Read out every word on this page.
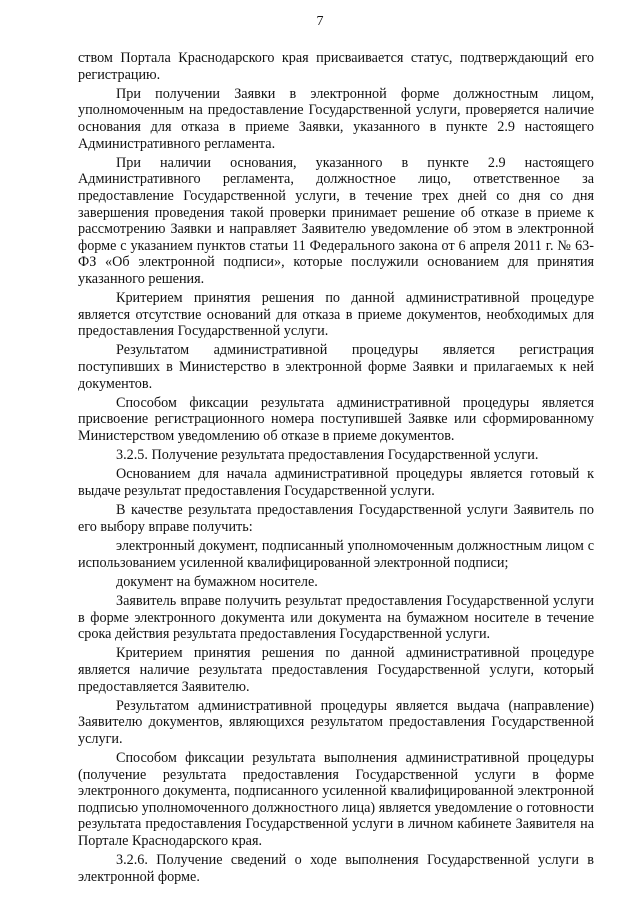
7

ством Портала Краснодарского края присваивается статус, подтверждающий его регистрацию.

При получении Заявки в электронной форме должностным лицом, уполномоченным на предоставление Государственной услуги, проверяется наличие основания для отказа в приеме Заявки, указанного в пункте 2.9 настоящего Административного регламента.

При наличии основания, указанного в пункте 2.9 настоящего Административного регламента, должностное лицо, ответственное за предоставление Государственной услуги, в течение трех дней со дня со дня завершения проведения такой проверки принимает решение об отказе в приеме к рассмотрению Заявки и направляет Заявителю уведомление об этом в электронной форме с указанием пунктов статьи 11 Федерального закона от 6 апреля 2011 г. № 63-ФЗ «Об электронной подписи», которые послужили основанием для принятия указанного решения.

Критерием принятия решения по данной административной процедуре является отсутствие оснований для отказа в приеме документов, необходимых для предоставления Государственной услуги.

Результатом административной процедуры является регистрация поступивших в Министерство в электронной форме Заявки и прилагаемых к ней документов.

Способом фиксации результата административной процедуры является присвоение регистрационного номера поступившей Заявке или сформированному Министерством уведомлению об отказе в приеме документов.

3.2.5. Получение результата предоставления Государственной услуги.

Основанием для начала административной процедуры является готовый к выдаче результат предоставления Государственной услуги.

В качестве результата предоставления Государственной услуги Заявитель по его выбору вправе получить:

электронный документ, подписанный уполномоченным должностным лицом с использованием усиленной квалифицированной электронной подписи;

документ на бумажном носителе.

Заявитель вправе получить результат предоставления Государственной услуги в форме электронного документа или документа на бумажном носителе в течение срока действия результата предоставления Государственной услуги.

Критерием принятия решения по данной административной процедуре является наличие результата предоставления Государственной услуги, который предоставляется Заявителю.

Результатом административной процедуры является выдача (направление) Заявителю документов, являющихся результатом предоставления Государственной услуги.

Способом фиксации результата выполнения административной процедуры (получение результата предоставления Государственной услуги в форме электронного документа, подписанного усиленной квалифицированной электронной подписью уполномоченного должностного лица) является уведомление о готовности результата предоставления Государственной услуги в личном кабинете Заявителя на Портале Краснодарского края.

3.2.6. Получение сведений о ходе выполнения Государственной услуги в электронной форме.
